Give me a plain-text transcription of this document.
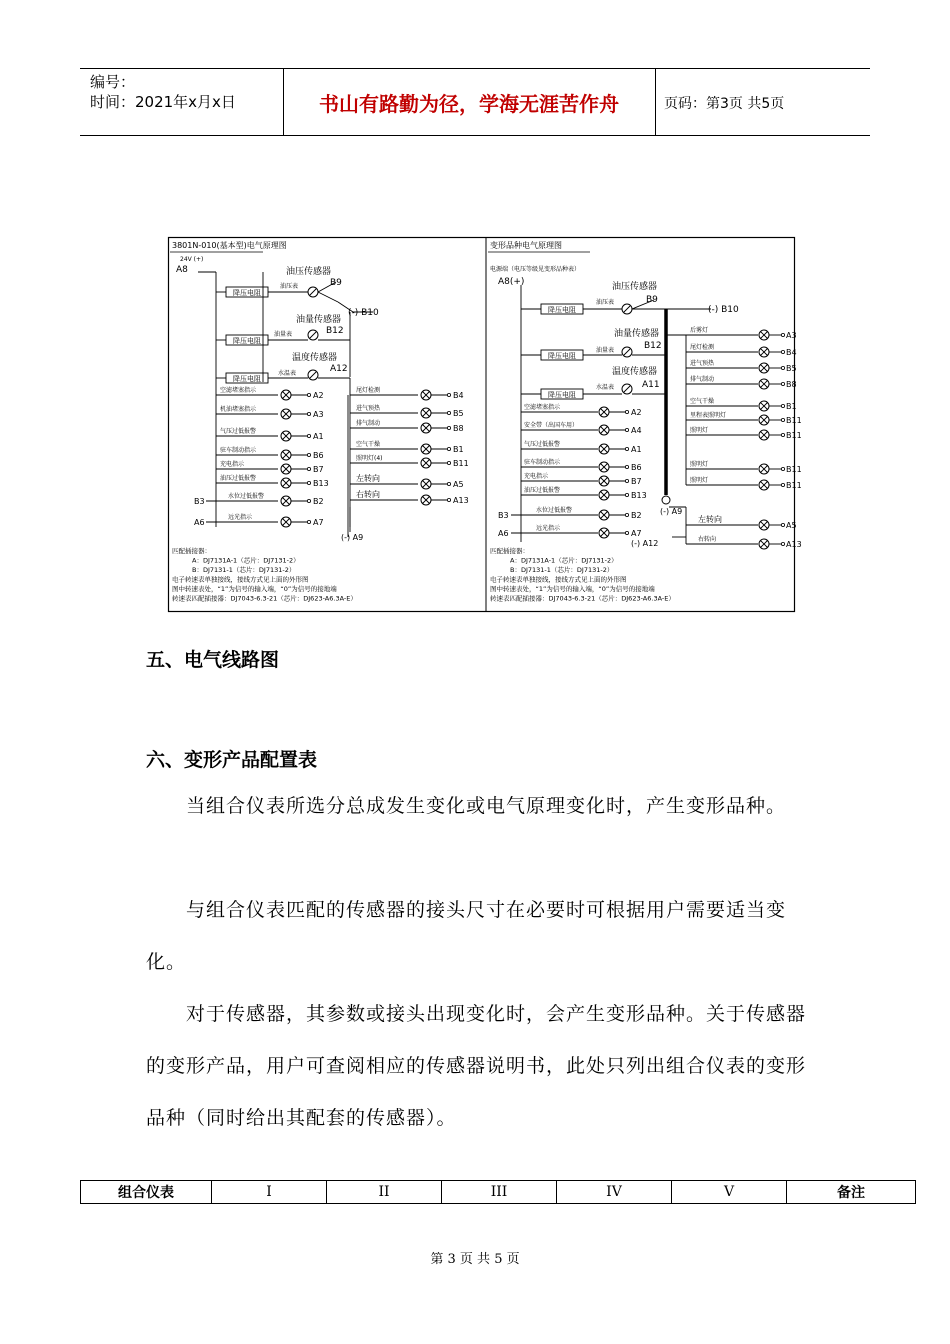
编号：
时间：2021年x月x日	书山有路勤为径，学海无涯苦作舟	页码：第3页 共5页
3801N-010(基本型)电气原理图
24V (+)
A8	油压传感器
油压表
降压电阻
B9
(-) B10
油量传感器
油量表
降压电阻
B12
温度传感器
水温表
降压电阻
A12
空滤堵塞指示
A2
机油堵塞指示
A3
气压过低报警
A1
驻车制动指示
B6
充电指示
B7
油压过低报警
B13
B3
水位过低报警
B2
A6
远光指示
A7
尾灯检测
B4
进气预热
B5
排气制动
B8
空气干燥
B1
照明灯(4)
B11
左转向
A5
右转向
A13
(-) A9
匹配插接器：
A：DJ7131A-1（芯片：DJ7131-2）
B：DJ7131-1（芯片：DJ7131-2）
电子转速表单独接线，接线方式见上面的外形图
图中转速表处，“1”为信号的输入端，“0”为信号的接地端
转速表匹配插接器：DJ7043-6.3-21（芯片：DJ623-A6.3A-E）
变形品种电气原理图
电源端（电压等级见变形品种表）
A8(+)	油压传感器
油压表
降压电阻
B9
(-) B10
油量传感器
油量表
降压电阻
B12
温度传感器
水温表
降压电阻
A11
(-) A9
空滤堵塞指示
A2
安全带（出国车用）
A4
气压过低报警
A1
驻车制动指示
B6
充电指示
B7
油压过低报警
B13
B3
水位过低报警
B2
A6
远光指示
A7
后雾灯
A3
尾灯检测
B4
进气预热
B5
排气制动
B8
空气干燥
B1
里程表照明灯
B11
照明灯
B11
照明灯
B11
照明灯
B11
左转向
A5
右转向
A13
(-) A12
匹配插接器：
A：DJ7131A-1（芯片：DJ7131-2）
B：DJ7131-1（芯片：DJ7131-2）
电子转速表单独接线，接线方式见上面的外形图
图中转速表处，“1”为信号的输入端，“0”为信号的接地端
转速表匹配插接器：DJ7043-6.3-21（芯片：DJ623-A6.3A-E）
五、电气线路图
六、变形产品配置表
当组合仪表所选分总成发生变化或电气原理变化时，产生变形品种。
与组合仪表匹配的传感器的接头尺寸在必要时可根据用户需要适当变化。
对于传感器，其参数或接头出现变化时，会产生变形品种。关于传感器的变形产品，用户可查阅相应的传感器说明书，此处只列出组合仪表的变形品种（同时给出其配套的传感器）。
组合仪表	I	II	III	IV	V	备注
第 3 页 共 5 页
